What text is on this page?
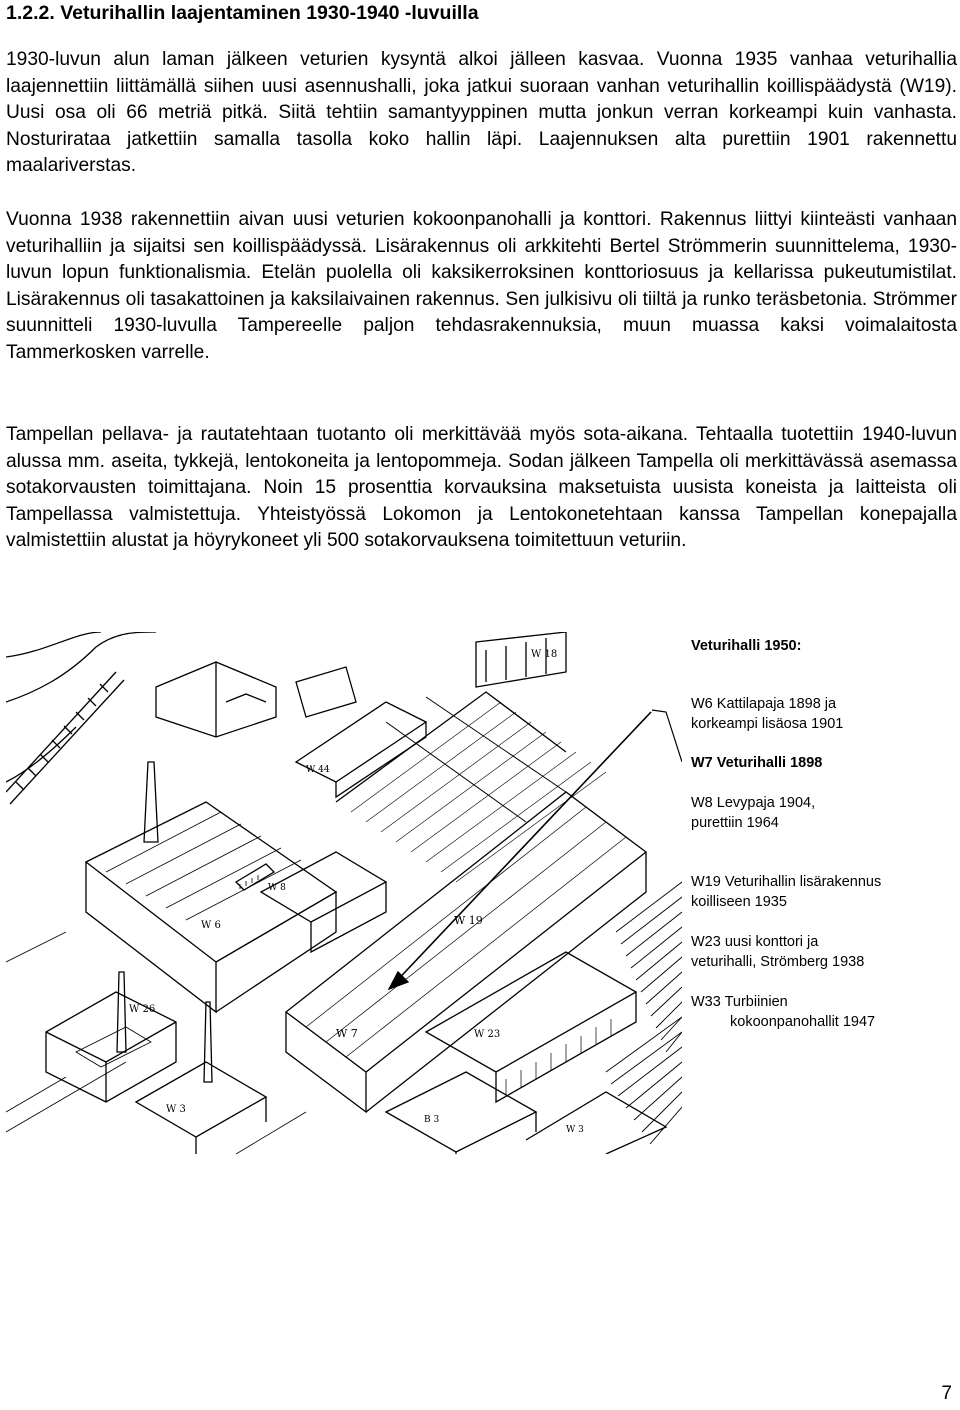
1.2.2. Veturihallin laajentaminen 1930-1940 -luvuilla

1930-luvun alun laman jälkeen veturien kysyntä alkoi jälleen kasvaa. Vuonna 1935 vanhaa veturihallia laajennettiin liittämällä siihen uusi asennushalli, joka jatkui suoraan vanhan veturihallin koillispäädystä (W19). Uusi osa oli 66 metriä pitkä. Siitä tehtiin samantyyppinen mutta jonkun verran korkeampi kuin vanhasta. Nosturirataa jatkettiin samalla tasolla koko hallin läpi. Laajennuksen alta purettiin 1901 rakennettu maalariverstas.

Vuonna 1938 rakennettiin aivan uusi veturien kokoonpanohalli ja konttori. Rakennus liittyi kiinteästi vanhaan veturihalliin ja sijaitsi sen koillispäädyssä. Lisärakennus oli arkkitehti Bertel Strömmerin suunnittelema, 1930-luvun lopun funktionalismia. Etelän puolella oli kaksikerroksinen konttoriosuus ja kellarissa pukeutumistilat. Lisärakennus oli tasakattoinen ja kaksilaivainen rakennus. Sen julkisivu oli tiiltä ja runko teräsbetonia. Strömmer suunnitteli 1930-luvulla Tampereelle paljon tehdasrakennuksia, muun muassa kaksi voimalaitosta Tammerkosken varrelle.

Tampellan pellava- ja rautatehtaan tuotanto oli merkittävää myös sota-aikana. Tehtaalla tuotettiin 1940-luvun alussa mm. aseita, tykkejä, lentokoneita ja lentopommeja. Sodan jälkeen Tampella oli merkittävässä asemassa sotakorvausten toimittajana. Noin 15 prosenttia korvauksina maksetuista uusista koneista ja laitteista oli Tampellassa valmistettuja. Yhteistyössä Lokomon ja Lentokonetehtaan kanssa Tampellan konepajalla valmistettiin alustat ja höyrykoneet yli 500 sotakorvauksena toimitettuun veturiin.

W 18
W 44
W 6
W 8
W 19
W 7	W 23
W 26
W 3
B 3
W 3
Veturihalli 1950:
W6 Kattilapaja 1898 ja
korkeampi lisäosa 1901
W7 Veturihalli 1898
W8 Levypaja 1904,
purettiin 1964
W19 Veturihallin lisärakennus
koilliseen 1935
W23 uusi konttori ja
veturihalli, Strömberg 1938
W33 Turbiinien
kokoonpanohallit 1947
7
